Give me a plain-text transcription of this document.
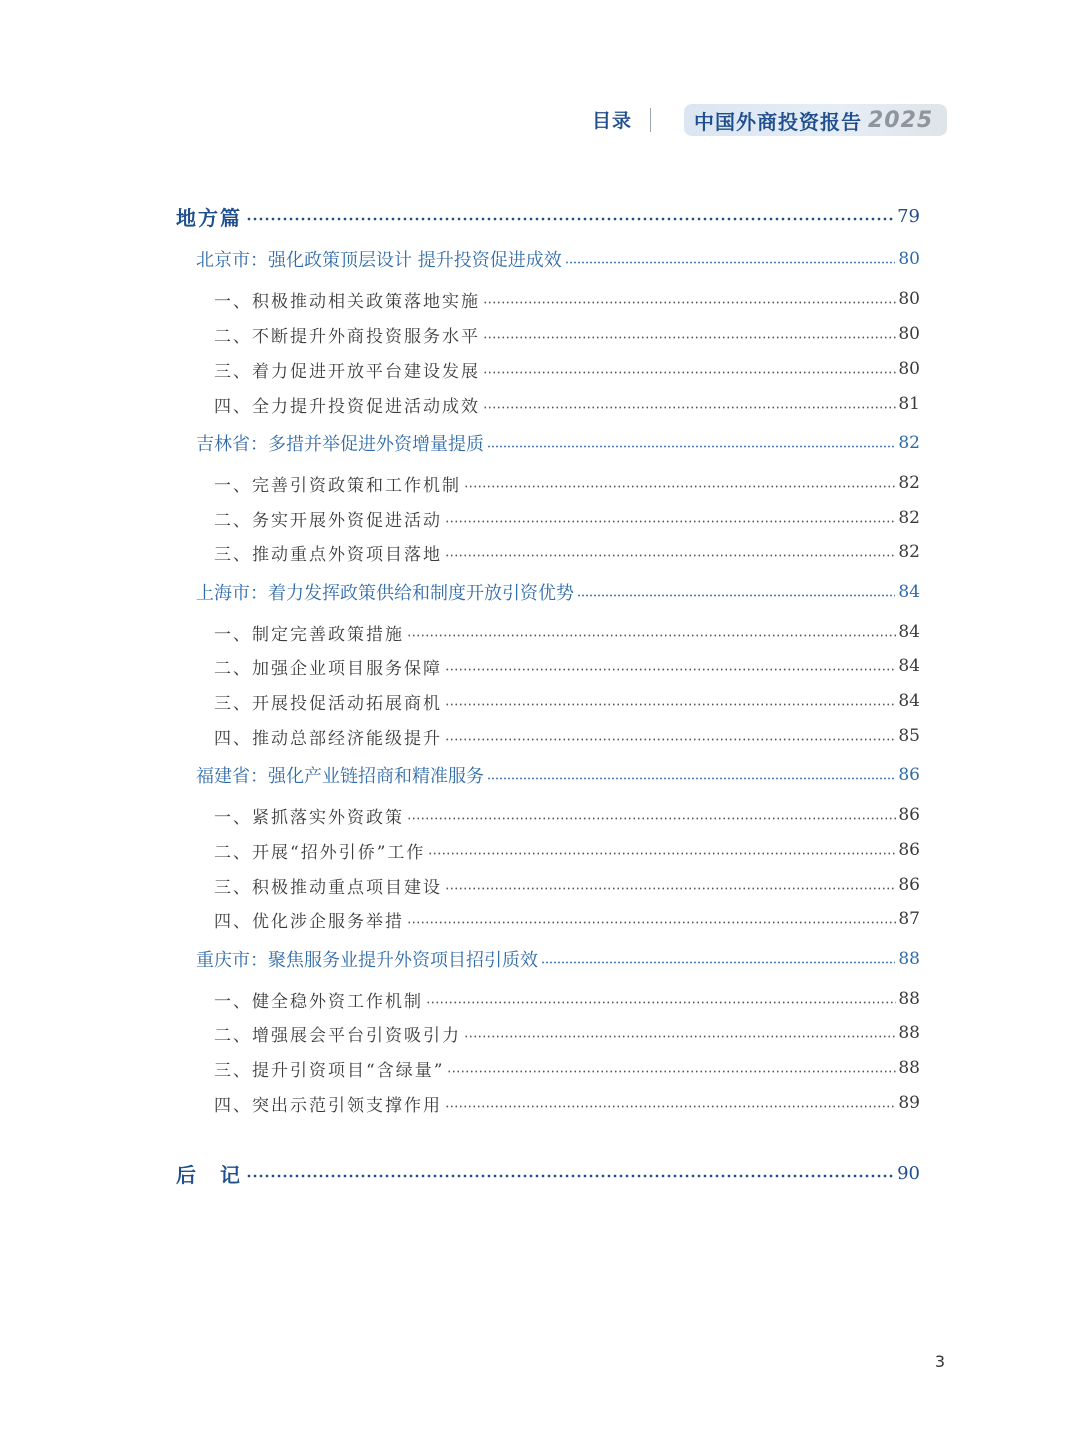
目录	中国外商投资报告 2025
地方篇	79
北京市：强化政策顶层设计 提升投资促进成效	80
一、积极推动相关政策落地实施	80
二、不断提升外商投资服务水平	80
三、着力促进开放平台建设发展	80
四、全力提升投资促进活动成效	81
吉林省：多措并举促进外资增量提质	82
一、完善引资政策和工作机制	82
二、务实开展外资促进活动	82
三、推动重点外资项目落地	82
上海市：着力发挥政策供给和制度开放引资优势	84
一、制定完善政策措施	84
二、加强企业项目服务保障	84
三、开展投促活动拓展商机	84
四、推动总部经济能级提升	85
福建省：强化产业链招商和精准服务	86
一、紧抓落实外资政策	86
二、开展“招外引侨”工作	86
三、积极推动重点项目建设	86
四、优化涉企服务举措	87
重庆市：聚焦服务业提升外资项目招引质效	88
一、健全稳外资工作机制	88
二、增强展会平台引资吸引力	88
三、提升引资项目“含绿量”	88
四、突出示范引领支撑作用	89
后　记	90
3
